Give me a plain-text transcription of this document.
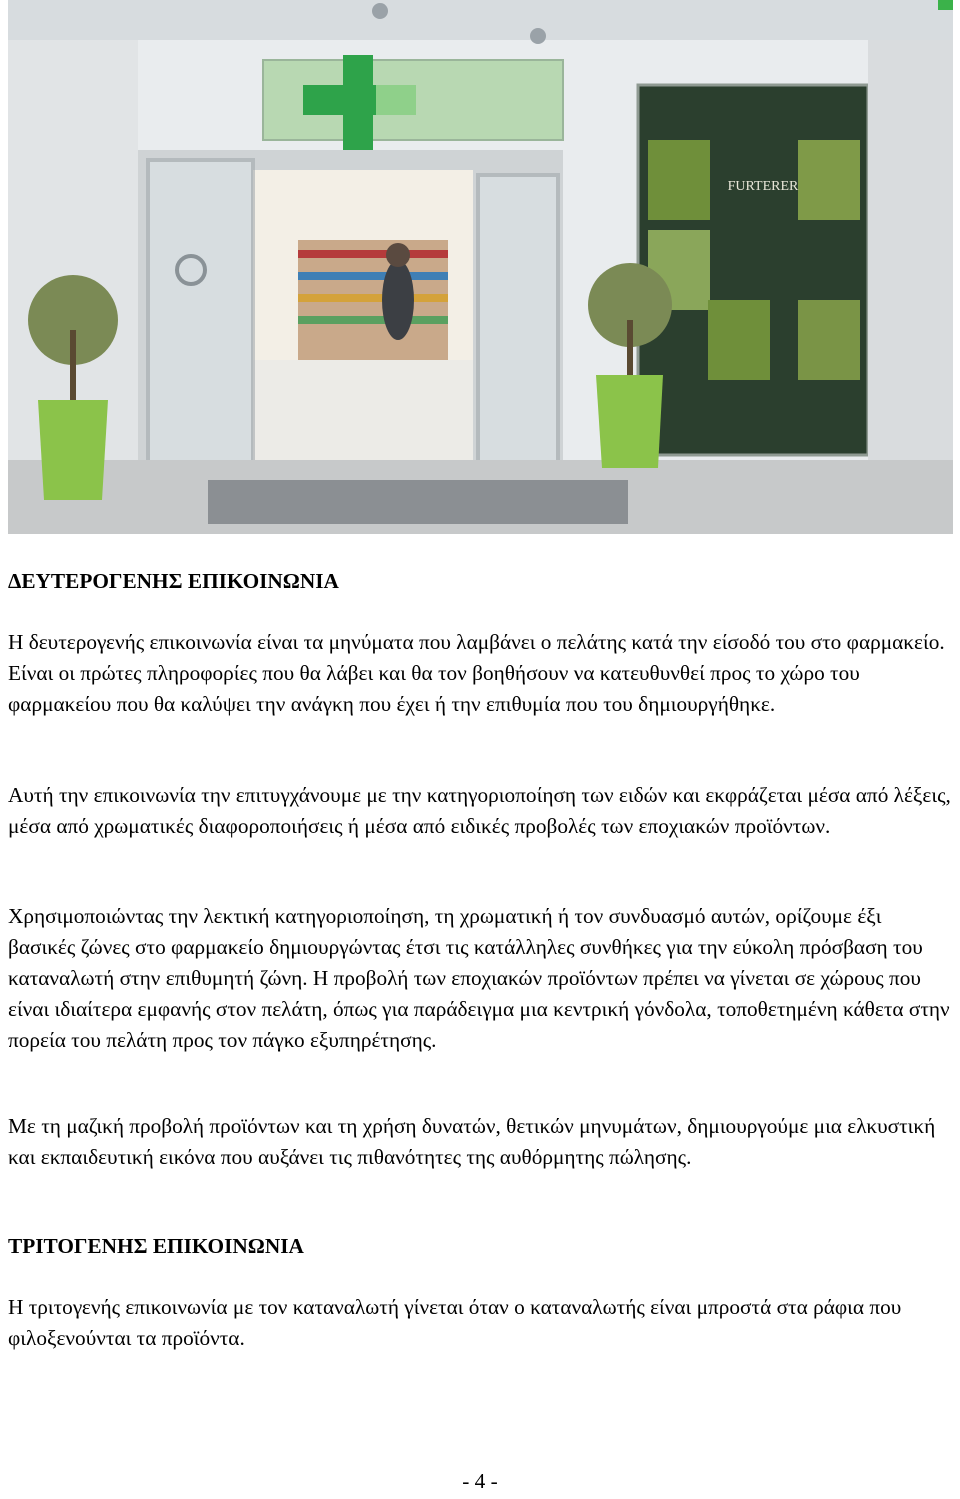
FURTERER
ΔΕΥΤΕΡΟΓΕΝΗΣ ΕΠΙΚΟΙΝΩΝΙΑ

Η δευτερογενής επικοινωνία είναι τα μηνύματα που λαμβάνει ο πελάτης κατά την είσοδό του στο φαρμακείο. Είναι οι πρώτες πληροφορίες που θα λάβει και θα τον βοηθήσουν να κατευθυνθεί προς το χώρο του φαρμακείου που θα καλύψει την ανάγκη που έχει ή την επιθυμία που του δημιουργήθηκε.

Αυτή την επικοινωνία την επιτυγχάνουμε με την κατηγοριοποίηση των ειδών και εκφράζεται μέσα από λέξεις, μέσα από χρωματικές διαφοροποιήσεις ή μέσα από ειδικές προβολές των εποχιακών προϊόντων.

Χρησιμοποιώντας την λεκτική κατηγοριοποίηση, τη χρωματική ή τον συνδυασμό αυτών, ορίζουμε έξι βασικές ζώνες στο φαρμακείο δημιουργώντας έτσι τις κατάλληλες συνθήκες για την εύκολη πρόσβαση του καταναλωτή στην επιθυμητή ζώνη. Η προβολή των εποχιακών προϊόντων πρέπει να γίνεται σε χώρους που είναι ιδιαίτερα εμφανής στον πελάτη, όπως για παράδειγμα μια κεντρική γόνδολα, τοποθετημένη κάθετα στην πορεία του πελάτη προς τον πάγκο εξυπηρέτησης.

Με τη μαζική προβολή προϊόντων και τη χρήση δυνατών, θετικών μηνυμάτων, δημιουργούμε μια ελκυστική και εκπαιδευτική εικόνα που αυξάνει τις πιθανότητες της αυθόρμητης πώλησης.

ΤΡΙΤΟΓΕΝΗΣ ΕΠΙΚΟΙΝΩΝΙΑ

Η τριτογενής επικοινωνία με τον καταναλωτή γίνεται όταν ο καταναλωτής είναι μπροστά στα ράφια που φιλοξενούνται τα προϊόντα.

- 4 -
